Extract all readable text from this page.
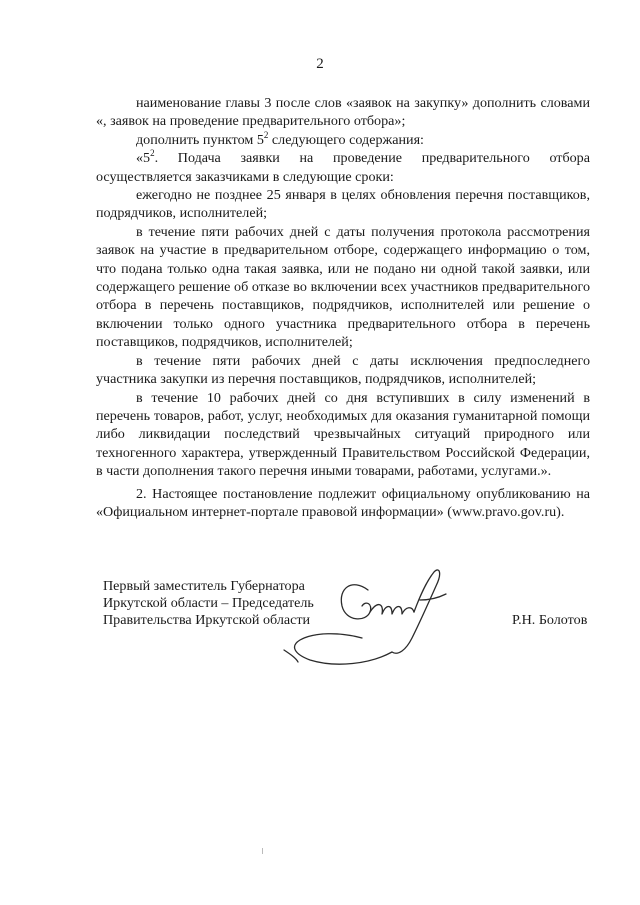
2

наименование главы 3 после слов «заявок на закупку» дополнить словами «, заявок на проведение предварительного отбора»;

дополнить пунктом $5^2$ следующего содержания:

«$5^2$. Подача заявки на проведение предварительного отбора осуществляется заказчиками в следующие сроки:

ежегодно не позднее 25 января в целях обновления перечня поставщиков, подрядчиков, исполнителей;

в течение пяти рабочих дней с даты получения протокола рассмотрения заявок на участие в предварительном отборе, содержащего информацию о том, что подана только одна такая заявка, или не подано ни одной такой заявки, или содержащего решение об отказе во включении всех участников предварительного отбора в перечень поставщиков, подрядчиков, исполнителей или решение о включении только одного участника предварительного отбора в перечень поставщиков, подрядчиков, исполнителей;

в течение пяти рабочих дней с даты исключения предпоследнего участника закупки из перечня поставщиков, подрядчиков, исполнителей;

в течение 10 рабочих дней со дня вступивших в силу изменений в перечень товаров, работ, услуг, необходимых для оказания гуманитарной помощи либо ликвидации последствий чрезвычайных ситуаций природного или техногенного характера, утвержденный Правительством Российской Федерации, в части дополнения такого перечня иными товарами, работами, услугами.».

2. Настоящее постановление подлежит официальному опубликованию на «Официальном интернет-портале правовой информации» (www.pravo.gov.ru).

Первый заместитель Губернатора
Иркутской области – Председатель
Правительства Иркутской области	Р.Н. Болотов
